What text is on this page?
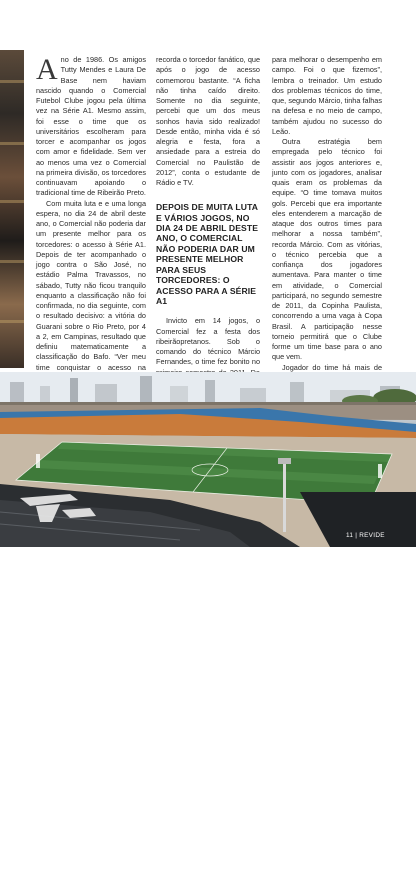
Ano de 1986. Os amigos Tutty Mendes e Laura De Base nem haviam nascido quando o Comercial Futebol Clube jogou pela última vez na Série A1. Mesmo assim, foi esse o time que os universitários escolheram para torcer e acompanhar os jogos com amor e fidelidade. Sem ver ao menos uma vez o Comercial na primeira divisão, os torcedores continuavam apoiando o tradicional time de Ribeirão Preto.

Com muita luta e e uma longa espera, no dia 24 de abril deste ano, o Comercial não poderia dar um presente melhor para os torcedores: o acesso à Série A1. Depois de ter acompanhado o jogo contra o São José, no estádio Palma Travassos, no sábado, Tutty não ficou tranquilo enquanto a classificação não foi confirmada, no dia seguinte, com o resultado decisivo: a vitória do Guarani sobre o Rio Preto, por 4 a 2, em Campinas, resultado que definiu matematicamente a classificação do Bafo. “Ver meu time conquistar o acesso na

recorda o torcedor fanático, que após o jogo de acesso comemorou bastante. “A ficha não tinha caído direito. Somente no dia seguinte, percebi que um dos meus sonhos havia sido realizado! Desde então, minha vida é só alegria e festa, fora a ansiedade para a estreia do Comercial no Paulistão de 2012”, conta o estudante de Rádio e TV.

DEPOIS DE MUITA LUTA E VÁRIOS JOGOS, NO DIA 24 DE ABRIL DESTE ANO, O COMERCIAL NÃO PODERIA DAR UM PRESENTE MELHOR PARA SEUS TORCEDORES: O ACESSO PARA A SÉRIE A1

Invicto em 14 jogos, o Comercial fez a festa dos ribeirãopretanos. Sob o comando do técnico Márcio Fernandes, o time fez bonito no

para melhorar o desempenho em campo. Foi o que fizemos”, lembra o treinador. Um estudo dos problemas técnicos do time, que, segundo Márcio, tinha falhas na defesa e no meio de campo, também ajudou no sucesso do Leão.

Outra estratégia bem empregada pelo técnico foi assistir aos jogos anteriores e, junto com os jogadores, analisar quais eram os problemas da equipe. “O time tomava muitos gols. Percebi que era importante eles entenderem a marcação de ataque dos outros times para melhorar a nossa também”, recorda Márcio. Com as vitórias, o técnico percebia que a confiança dos jogadores aumentava. Para manter o time em atividade, o Comercial participará, no segundo semestre de 2011, da Copinha Paulista, concorrendo a uma vaga à Copa Brasil. A participação nesse torneio permitirá que o Clube forme um time base para o ano que vem.

Jogador do time há mais de

Estádio do Comercial pode ser usado também para realização de eventos
11 | REVIDE
